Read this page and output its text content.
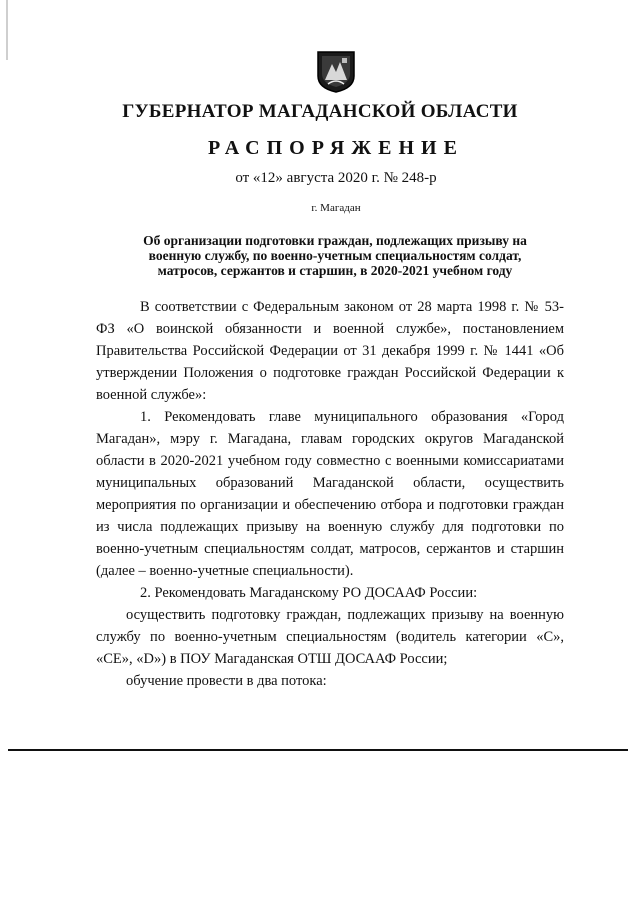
ГУБЕРНАТОР МАГАДАНСКОЙ ОБЛАСТИ
РАСПОРЯЖЕНИЕ
от «12» августа 2020 г. № 248-р
г. Магадан
Об организации подготовки граждан, подлежащих призыву на военную службу, по военно-учетным специальностям солдат, матросов, сержантов и старшин, в 2020-2021 учебном году

В соответствии с Федеральным законом от 28 марта 1998 г. № 53-ФЗ «О воинской обязанности и военной службе», постановлением Правительства Российской Федерации от 31 декабря 1999 г. № 1441 «Об утверждении Положения о подготовке граждан Российской Федерации к военной службе»:

1. Рекомендовать главе муниципального образования «Город Магадан», мэру г. Магадана, главам городских округов Магаданской области в 2020-2021 учебном году совместно с военными комиссариатами муниципальных образований Магаданской области, осуществить мероприятия по организации и обеспечению отбора и подготовки граждан из числа подлежащих призыву на военную службу для подготовки по военно-учетным специальностям солдат, матросов, сержантов и старшин (далее – военно-учетные специальности).

2. Рекомендовать Магаданскому РО ДОСААФ России:

осуществить подготовку граждан, подлежащих призыву на военную службу по военно-учетным специальностям (водитель категории «С», «СЕ», «D») в ПОУ Магаданская ОТШ ДОСААФ России;

обучение провести в два потока:
